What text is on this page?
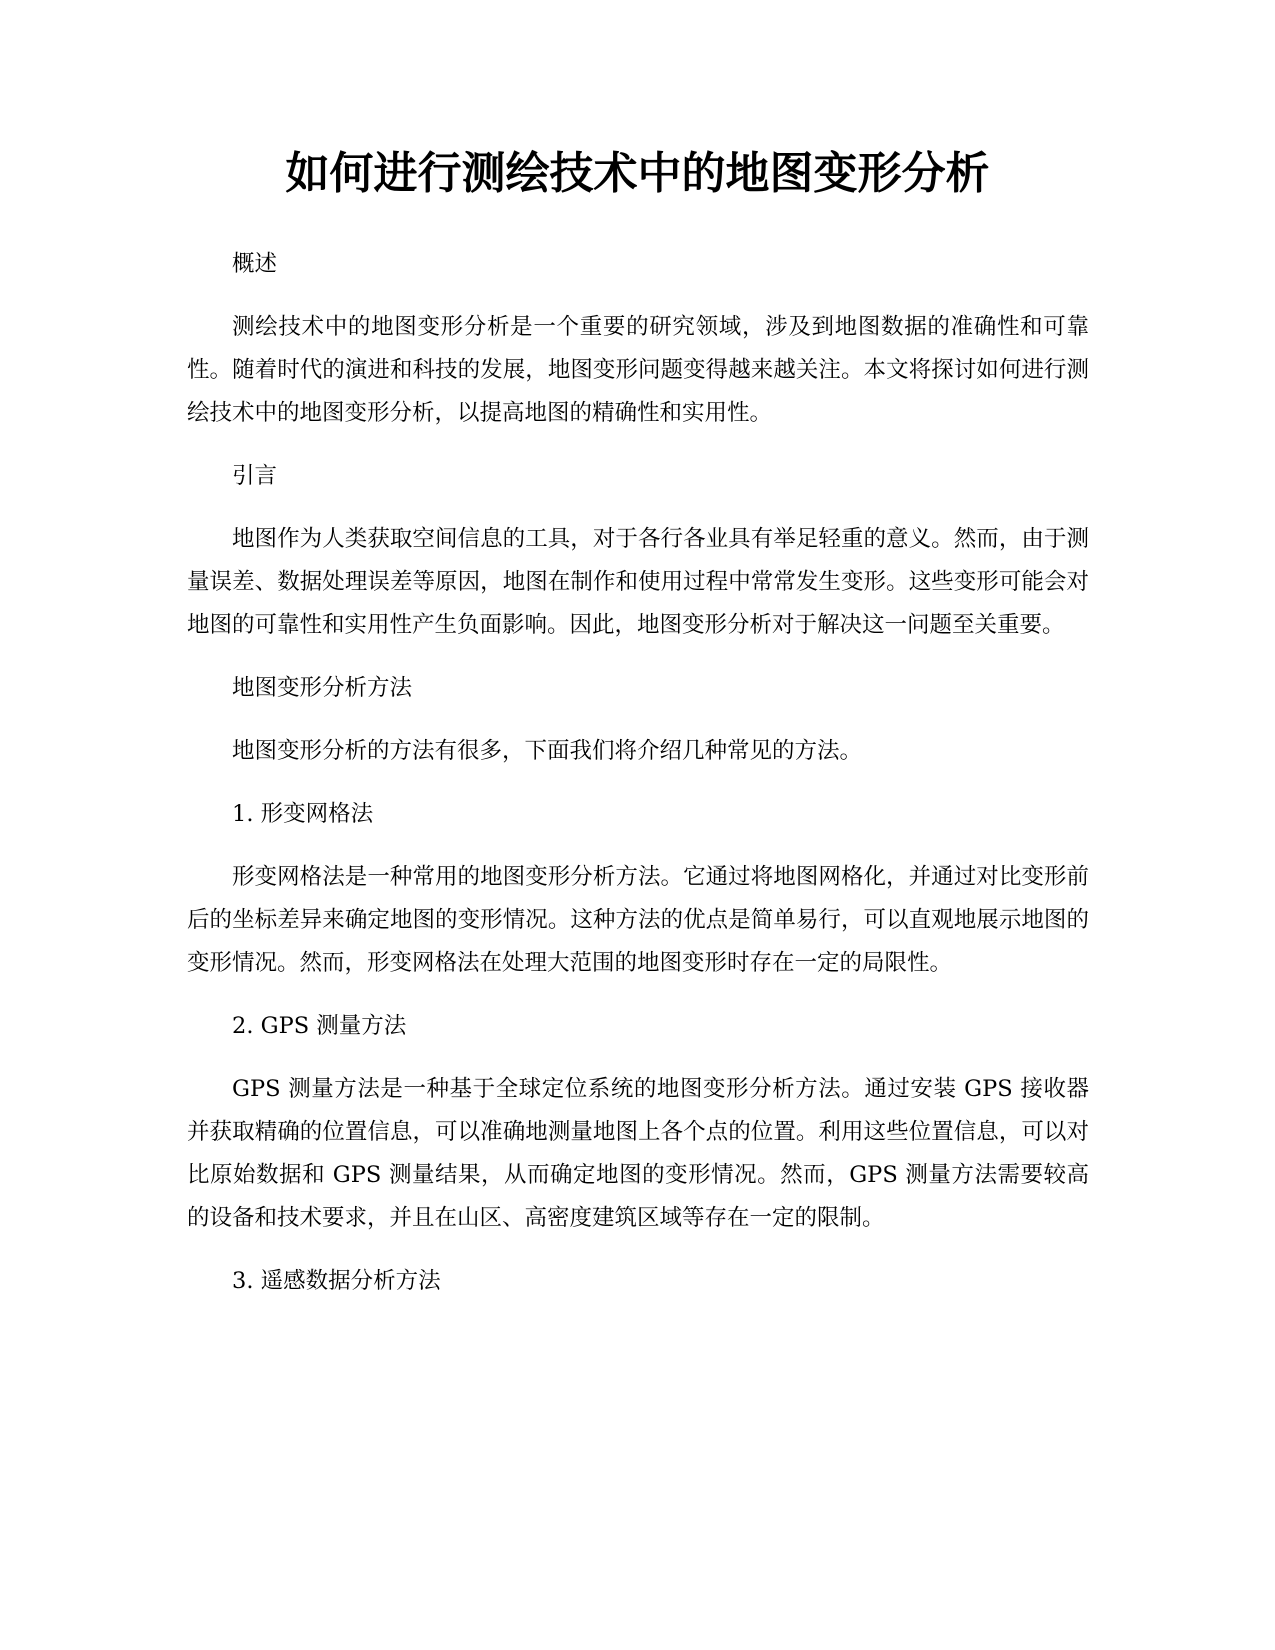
如何进行测绘技术中的地图变形分析

概述

测绘技术中的地图变形分析是一个重要的研究领域，涉及到地图数据的准确性和可靠性。随着时代的演进和科技的发展，地图变形问题变得越来越关注。本文将探讨如何进行测绘技术中的地图变形分析，以提高地图的精确性和实用性。

引言

地图作为人类获取空间信息的工具，对于各行各业具有举足轻重的意义。然而，由于测量误差、数据处理误差等原因，地图在制作和使用过程中常常发生变形。这些变形可能会对地图的可靠性和实用性产生负面影响。因此，地图变形分析对于解决这一问题至关重要。

地图变形分析方法

地图变形分析的方法有很多，下面我们将介绍几种常见的方法。

1. 形变网格法

形变网格法是一种常用的地图变形分析方法。它通过将地图网格化，并通过对比变形前后的坐标差异来确定地图的变形情况。这种方法的优点是简单易行，可以直观地展示地图的变形情况。然而，形变网格法在处理大范围的地图变形时存在一定的局限性。

2. GPS 测量方法

GPS 测量方法是一种基于全球定位系统的地图变形分析方法。通过安装 GPS 接收器并获取精确的位置信息，可以准确地测量地图上各个点的位置。利用这些位置信息，可以对比原始数据和 GPS 测量结果，从而确定地图的变形情况。然而，GPS 测量方法需要较高的设备和技术要求，并且在山区、高密度建筑区域等存在一定的限制。

3. 遥感数据分析方法
